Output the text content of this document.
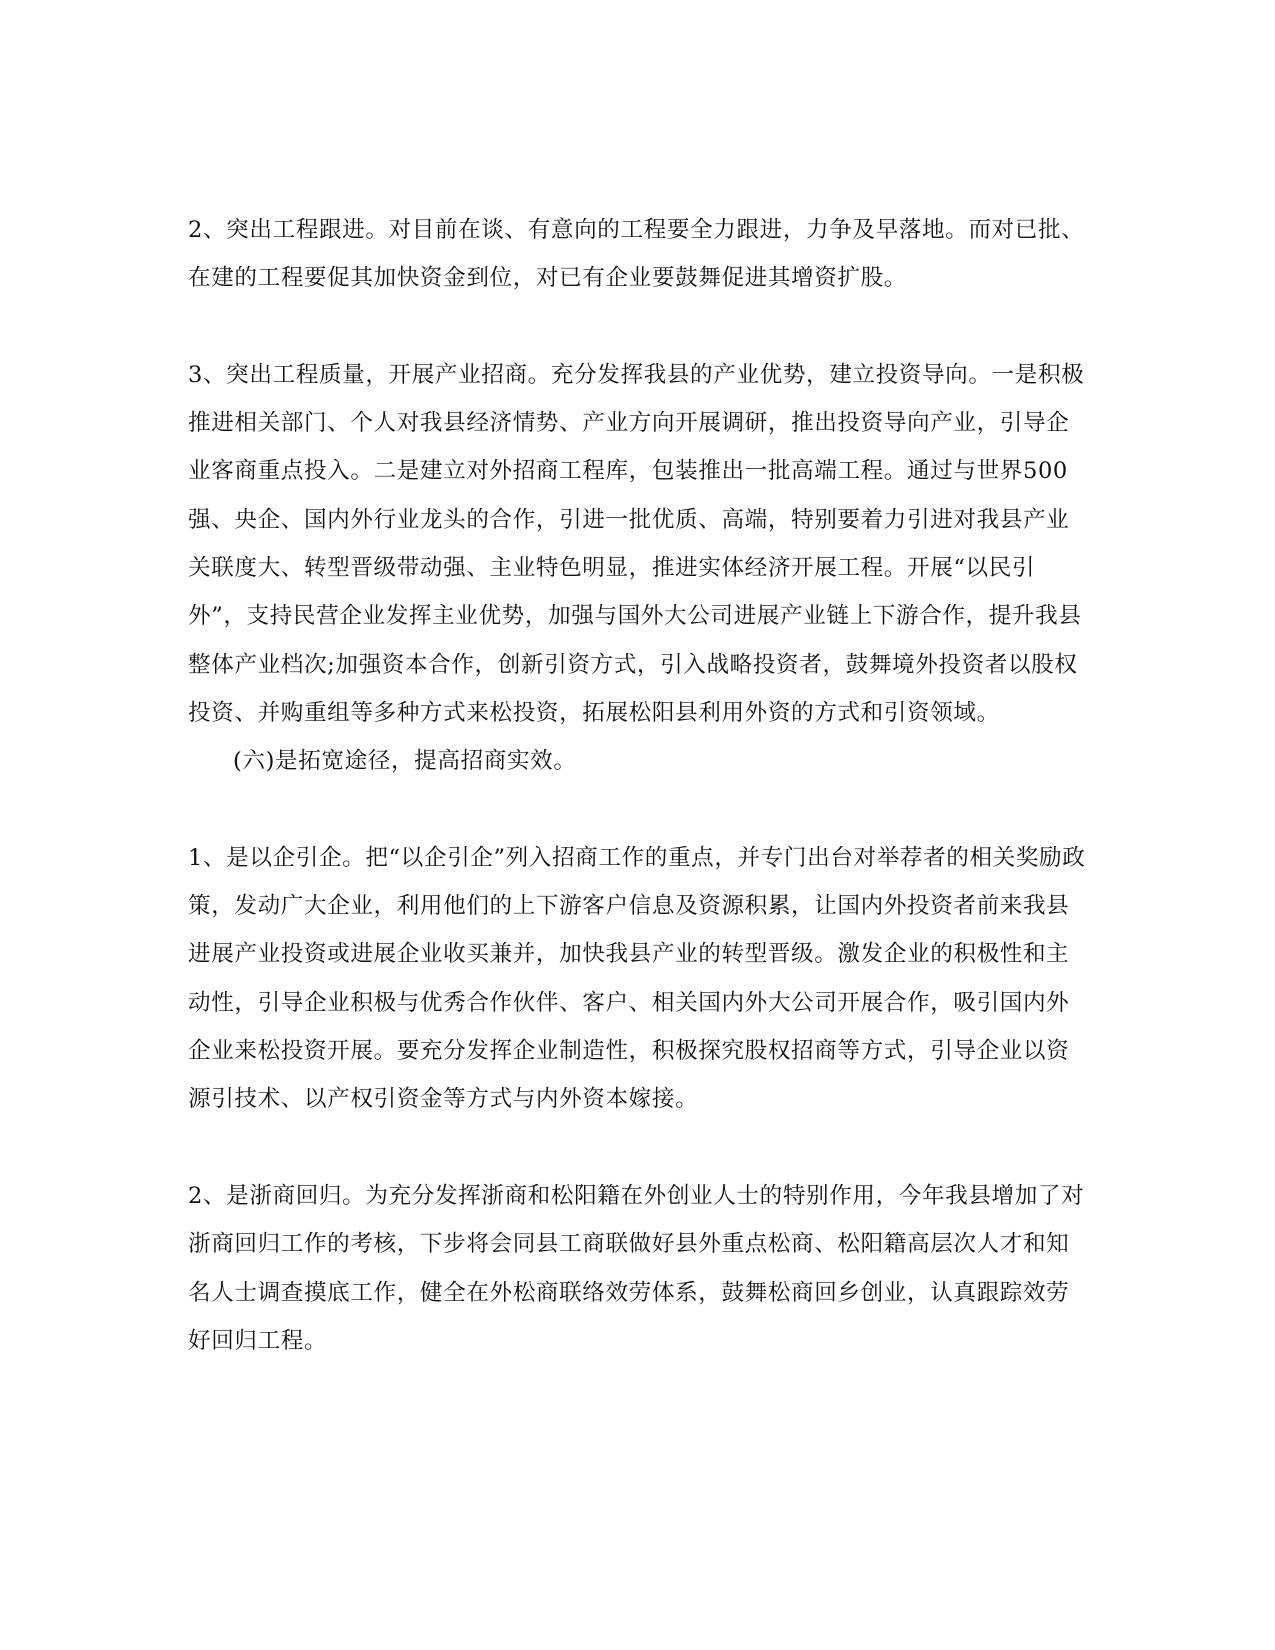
2、突出工程跟进。对目前在谈、有意向的工程要全力跟进，力争及早落地。而对已批、在建的工程要促其加快资金到位，对已有企业要鼓舞促进其增资扩股。

3、突出工程质量，开展产业招商。充分发挥我县的产业优势，建立投资导向。一是积极推进相关部门、个人对我县经济情势、产业方向开展调研，推出投资导向产业，引导企业客商重点投入。二是建立对外招商工程库，包装推出一批高端工程。通过与世界500强、央企、国内外行业龙头的合作，引进一批优质、高端，特别要着力引进对我县产业关联度大、转型晋级带动强、主业特色明显，推进实体经济开展工程。开展“以民引外”，支持民营企业发挥主业优势，加强与国外大公司进展产业链上下游合作，提升我县整体产业档次;加强资本合作，创新引资方式，引入战略投资者，鼓舞境外投资者以股权投资、并购重组等多种方式来松投资，拓展松阳县利用外资的方式和引资领域。

(六)是拓宽途径，提高招商实效。

1、是以企引企。把“以企引企”列入招商工作的重点，并专门出台对举荐者的相关奖励政策，发动广大企业，利用他们的上下游客户信息及资源积累，让国内外投资者前来我县进展产业投资或进展企业收买兼并，加快我县产业的转型晋级。激发企业的积极性和主动性，引导企业积极与优秀合作伙伴、客户、相关国内外大公司开展合作，吸引国内外企业来松投资开展。要充分发挥企业制造性，积极探究股权招商等方式，引导企业以资源引技术、以产权引资金等方式与内外资本嫁接。

2、是浙商回归。为充分发挥浙商和松阳籍在外创业人士的特别作用，今年我县增加了对浙商回归工作的考核，下步将会同县工商联做好县外重点松商、松阳籍高层次人才和知名人士调查摸底工作，健全在外松商联络效劳体系，鼓舞松商回乡创业，认真跟踪效劳好回归工程。
